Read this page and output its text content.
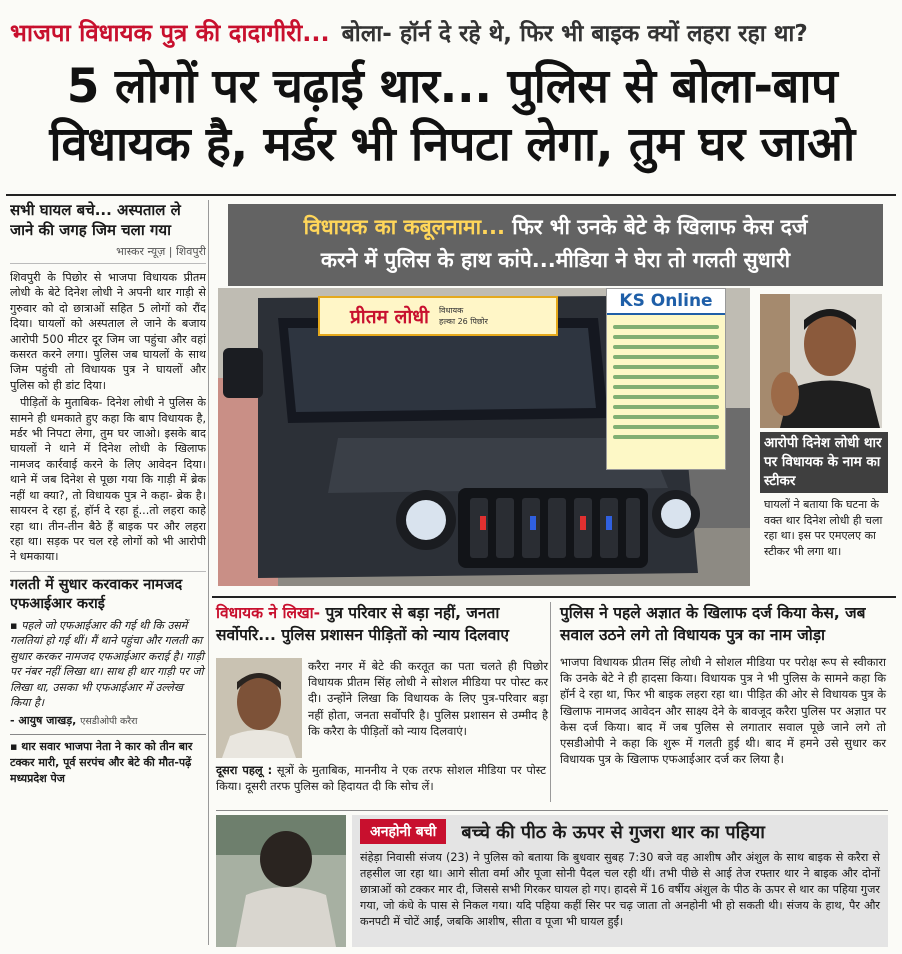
भाजपा विधायक पुत्र की दादागीरी... बोला- हॉर्न दे रहे थे, फिर भी बाइक क्यों लहरा रहा था?
5 लोगों पर चढ़ाई थार... पुलिस से बोला-बाप
विधायक है, मर्डर भी निपटा लेगा, तुम घर जाओ
सभी घायल बचे... अस्पताल ले जाने की जगह जिम चला गया
भास्कर न्यूज़ | शिवपुरी

शिवपुरी के पिछोर से भाजपा विधायक प्रीतम लोधी के बेटे दिनेश लोधी ने अपनी थार गाड़ी से गुरुवार को दो छात्राओं सहित 5 लोगों को रौंद दिया। घायलों को अस्पताल ले जाने के बजाय आरोपी 500 मीटर दूर जिम जा पहुंचा और वहां कसरत करने लगा। पुलिस जब घायलों के साथ जिम पहुंची तो विधायक पुत्र ने घायलों और पुलिस को ही डांट दिया।

पीड़ितों के मुताबिक- दिनेश लोधी ने पुलिस के सामने ही धमकाते हुए कहा कि बाप विधायक है, मर्डर भी निपटा लेगा, तुम घर जाओ। इसके बाद घायलों ने थाने में दिनेश लोधी के खिलाफ नामजद कार्रवाई करने के लिए आवेदन दिया। थाने में जब दिनेश से पूछा गया कि गाड़ी में ब्रेक नहीं था क्या?, तो विधायक पुत्र ने कहा- ब्रेक है। सायरन दे रहा हूं, हॉर्न दे रहा हूं...तो लहरा काहे रहा था। तीन-तीन बैठे हैं बाइक पर और लहरा रहा था। सड़क पर चल रहे लोगों को भी आरोपी ने धमकाया।

गलती में सुधार करवाकर नामजद एफआईआर कराई
▪ पहले जो एफआईआर की गई थी कि उसमें गलतियां हो गई थीं। मैं थाने पहुंचा और गलती का सुधार करकर नामजद एफआईआर कराई है। गाड़ी पर नंबर नहीं लिखा था। साथ ही थार गाड़ी पर जो लिखा था, उसका भी एफआईआर में उल्लेख किया है।
- आयुष जाखड़, एसडीओपी करैरा
▪ थार सवार भाजपा नेता ने कार को तीन बार टक्कर मारी, पूर्व सरपंच और बेटे की मौत-पढ़ें मध्यप्रदेश पेज
विधायक का कबूलनामा... फिर भी उनके बेटे के खिलाफ केस दर्ज
करने में पुलिस के हाथ कांपे...मीडिया ने घेरा तो गलती सुधारी
प्रीतम लोधी विधायक
हल्का 26 पिछोर
KS Online
आरोपी दिनेश लोधी थार पर विधायक के नाम का स्टीकर
घायलों ने बताया कि घटना के वक्त थार दिनेश लोधी ही चला रहा था। इस पर एमएलए का स्टीकर भी लगा था।
विधायक ने लिखा- पुत्र परिवार से बड़ा नहीं, जनता सर्वोपरि... पुलिस प्रशासन पीड़ितों को न्याय दिलवाए
करैरा नगर में बेटे की करतूत का पता चलते ही पिछोर विधायक प्रीतम सिंह लोधी ने सोशल मीडिया पर पोस्ट कर दी। उन्होंने लिखा कि विधायक के लिए पुत्र-परिवार बड़ा नहीं होता, जनता सर्वोपरि है। पुलिस प्रशासन से उम्मीद है कि करैरा के पीड़ितों को न्याय दिलवाएं।
दूसरा पहलू : सूत्रों के मुताबिक, माननीय ने एक तरफ सोशल मीडिया पर पोस्ट किया। दूसरी तरफ पुलिस को हिदायत दी कि सोच लें।
पुलिस ने पहले अज्ञात के खिलाफ दर्ज किया केस, जब सवाल उठने लगे तो विधायक पुत्र का नाम जोड़ा
भाजपा विधायक प्रीतम सिंह लोधी ने सोशल मीडिया पर परोक्ष रूप से स्वीकारा कि उनके बेटे ने ही हादसा किया। विधायक पुत्र ने भी पुलिस के सामने कहा कि हॉर्न दे रहा था, फिर भी बाइक लहरा रहा था। पीड़ित की ओर से विधायक पुत्र के खिलाफ नामजद आवेदन और साक्ष्य देने के बावजूद करैरा पुलिस पर अज्ञात पर केस दर्ज किया। बाद में जब पुलिस से लगातार सवाल पूछे जाने लगे तो एसडीओपी ने कहा कि शुरू में गलती हुई थी। बाद में हमने उसे सुधार कर विधायक पुत्र के खिलाफ एफआईआर दर्ज कर लिया है।
अनहोनी बची बच्चे की पीठ के ऊपर से गुजरा थार का पहिया
संहेड़ा निवासी संजय (23) ने पुलिस को बताया कि बुधवार सुबह 7:30 बजे वह आशीष और अंशुल के साथ बाइक से करैरा से तहसील जा रहा था। आगे सीता वर्मा और पूजा सोनी पैदल चल रही थीं। तभी पीछे से आई तेज रफ्तार थार ने बाइक और दोनों छात्राओं को टक्कर मार दी, जिससे सभी गिरकर घायल हो गए। हादसे में 16 वर्षीय अंशुल के पीठ के ऊपर से थार का पहिया गुजर गया, जो कंधे के पास से निकल गया। यदि पहिया कहीं सिर पर चढ़ जाता तो अनहोनी भी हो सकती थी। संजय के हाथ, पैर और कनपटी में चोटें आईं, जबकि आशीष, सीता व पूजा भी घायल हुईं।
